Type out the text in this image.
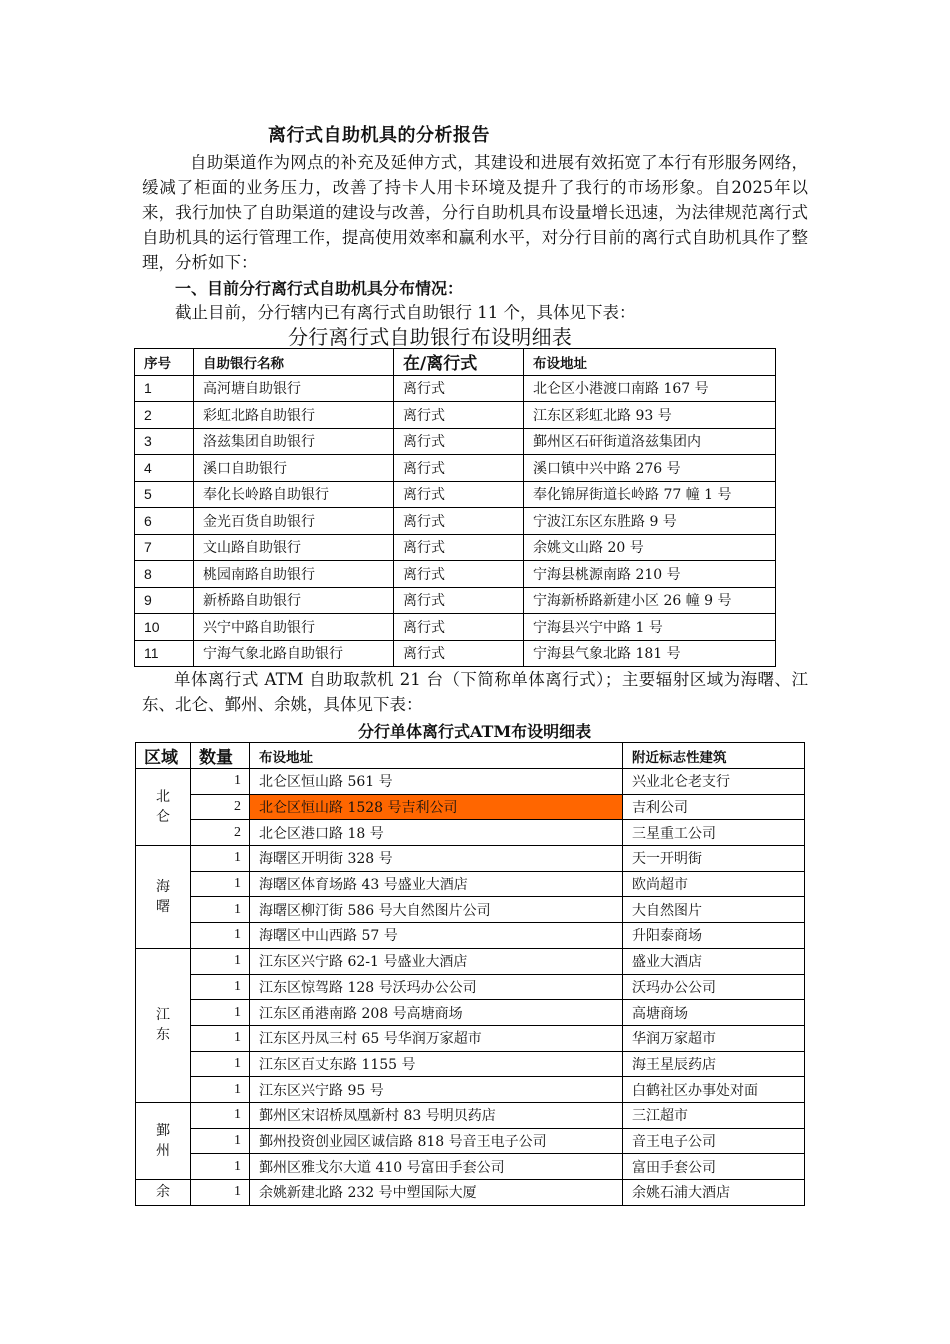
离行式自助机具的分析报告
自助渠道作为网点的补充及延伸方式，其建设和进展有效拓宽了本行有形服务网络，缓减了柜面的业务压力，改善了持卡人用卡环境及提升了我行的市场形象。自2025年以来，我行加快了自助渠道的建设与改善，分行自助机具布设量增长迅速，为法律规范离行式自助机具的运行管理工作，提高使用效率和赢利水平，对分行目前的离行式自助机具作了整理，分析如下：
一、目前分行离行式自助机具分布情况：
截止目前，分行辖内已有离行式自助银行 11 个，具体见下表：
分行离行式自助银行布设明细表
序号	自助银行名称	在/离行式	布设地址
1	高河塘自助银行	离行式	北仑区小港渡口南路 167 号
2	彩虹北路自助银行	离行式	江东区彩虹北路 93 号
3	洛兹集团自助银行	离行式	鄞州区石矸街道洛兹集团内
4	溪口自助银行	离行式	溪口镇中兴中路 276 号
5	奉化长岭路自助银行	离行式	奉化锦屏街道长岭路 77 幢 1 号
6	金光百货自助银行	离行式	宁波江东区东胜路 9 号
7	文山路自助银行	离行式	余姚文山路 20 号
8	桃园南路自助银行	离行式	宁海县桃源南路 210 号
9	新桥路自助银行	离行式	宁海新桥路新建小区 26 幢 9 号
10	兴宁中路自助银行	离行式	宁海县兴宁中路 1 号
11	宁海气象北路自助银行	离行式	宁海县气象北路 181 号
单体离行式 ATM 自助取款机 21 台（下简称单体离行式）；主要辐射区域为海曙、江东、北仑、鄞州、余姚，具体见下表：
分行单体离行式ATM布设明细表
区域	数量	布设地址	附近标志性建筑

北
仑	1	北仑区恒山路 561 号	兴业北仑老支行
	2	北仑区恒山路 1528 号吉利公司	吉利公司
	2	北仑区港口路 18 号	三星重工公司

海
曙	1	海曙区开明街 328 号	天一开明街
	1	海曙区体育场路 43 号盛业大酒店	欧尚超市
	1	海曙区柳汀街 586 号大自然图片公司	大自然图片
	1	海曙区中山西路 57 号	升阳泰商场

江
东	1	江东区兴宁路 62-1 号盛业大酒店	盛业大酒店
	1	江东区惊驾路 128 号沃玛办公公司	沃玛办公公司
	1	江东区甬港南路 208 号高塘商场	高塘商场
	1	江东区丹凤三村 65 号华润万家超市	华润万家超市
	1	江东区百丈东路 1155 号	海王星辰药店
	1	江东区兴宁路 95 号	白鹤社区办事处对面

鄞
州	1	鄞州区宋诏桥凤凰新村 83 号明贝药店	三江超市
	1	鄞州投资创业园区诚信路 818 号音王电子公司	音王电子公司
	1	鄞州区雅戈尔大道 410 号富田手套公司	富田手套公司

余	1	余姚新建北路 232 号中塑国际大厦	余姚石浦大酒店
